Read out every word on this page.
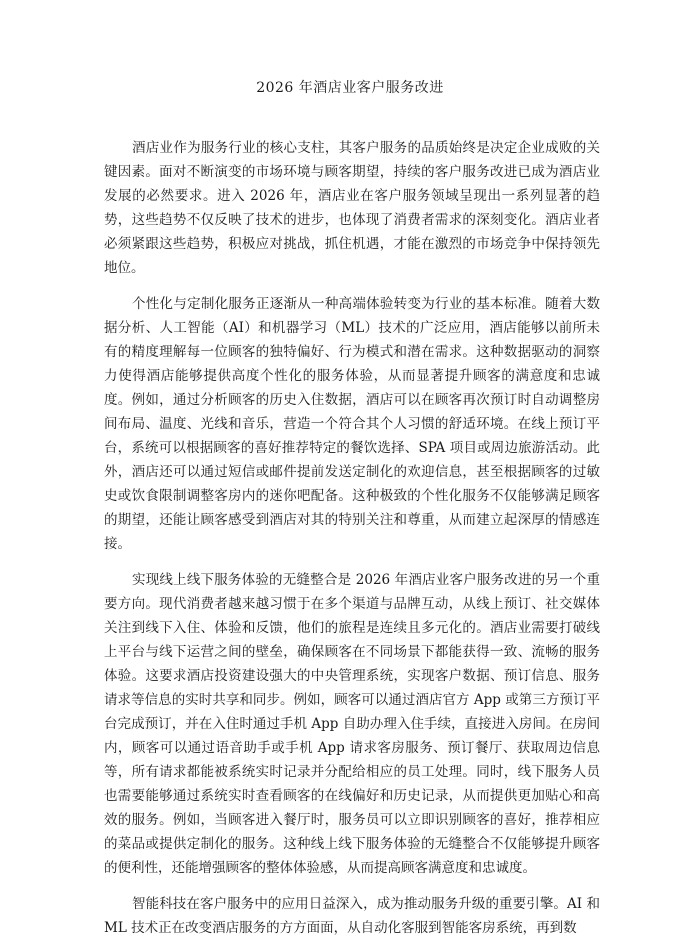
2026 年酒店业客户服务改进

酒店业作为服务行业的核心支柱，其客户服务的品质始终是决定企业成败的关键因素。面对不断演变的市场环境与顾客期望，持续的客户服务改进已成为酒店业发展的必然要求。进入 2026 年，酒店业在客户服务领域呈现出一系列显著的趋势，这些趋势不仅反映了技术的进步，也体现了消费者需求的深刻变化。酒店业者必须紧跟这些趋势，积极应对挑战，抓住机遇，才能在激烈的市场竞争中保持领先地位。

个性化与定制化服务正逐渐从一种高端体验转变为行业的基本标准。随着大数据分析、人工智能（AI）和机器学习（ML）技术的广泛应用，酒店能够以前所未有的精度理解每一位顾客的独特偏好、行为模式和潜在需求。这种数据驱动的洞察力使得酒店能够提供高度个性化的服务体验，从而显著提升顾客的满意度和忠诚度。例如，通过分析顾客的历史入住数据，酒店可以在顾客再次预订时自动调整房间布局、温度、光线和音乐，营造一个符合其个人习惯的舒适环境。在线上预订平台，系统可以根据顾客的喜好推荐特定的餐饮选择、SPA 项目或周边旅游活动。此外，酒店还可以通过短信或邮件提前发送定制化的欢迎信息，甚至根据顾客的过敏史或饮食限制调整客房内的迷你吧配备。这种极致的个性化服务不仅能够满足顾客的期望，还能让顾客感受到酒店对其的特别关注和尊重，从而建立起深厚的情感连接。

实现线上线下服务体验的无缝整合是 2026 年酒店业客户服务改进的另一个重要方向。现代消费者越来越习惯于在多个渠道与品牌互动，从线上预订、社交媒体关注到线下入住、体验和反馈，他们的旅程是连续且多元化的。酒店业需要打破线上平台与线下运营之间的壁垒，确保顾客在不同场景下都能获得一致、流畅的服务体验。这要求酒店投资建设强大的中央管理系统，实现客户数据、预订信息、服务请求等信息的实时共享和同步。例如，顾客可以通过酒店官方 App 或第三方预订平台完成预订，并在入住时通过手机 App 自助办理入住手续，直接进入房间。在房间内，顾客可以通过语音助手或手机 App 请求客房服务、预订餐厅、获取周边信息等，所有请求都能被系统实时记录并分配给相应的员工处理。同时，线下服务人员也需要能够通过系统实时查看顾客的在线偏好和历史记录，从而提供更加贴心和高效的服务。例如，当顾客进入餐厅时，服务员可以立即识别顾客的喜好，推荐相应的菜品或提供定制化的服务。这种线上线下服务体验的无缝整合不仅能够提升顾客的便利性，还能增强顾客的整体体验感，从而提高顾客满意度和忠诚度。

智能科技在客户服务中的应用日益深入，成为推动服务升级的重要引擎。AI 和 ML 技术正在改变酒店服务的方方面面，从自动化客服到智能客房系统，再到数
